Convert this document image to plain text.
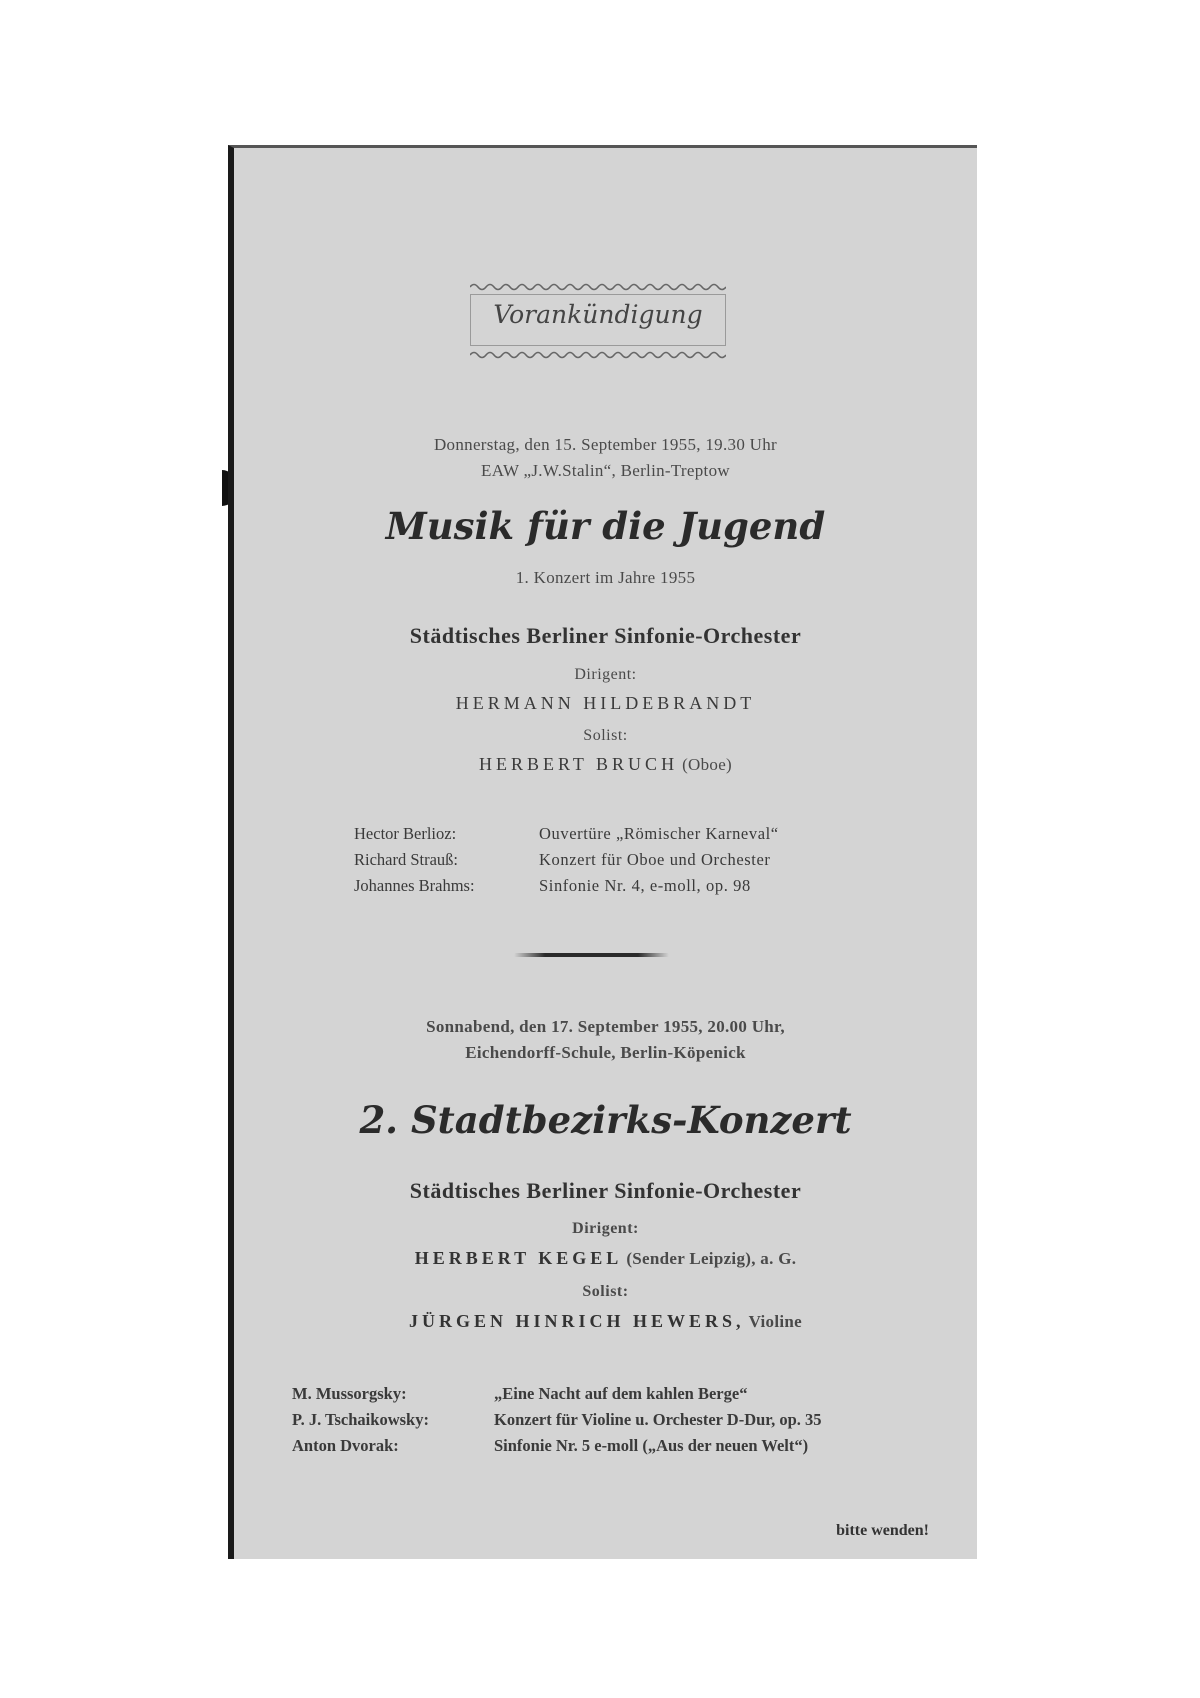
Vorankündigung
Donnerstag, den 15. September 1955, 19.30 Uhr
EAW „J.W.Stalin“, Berlin-Treptow
Musik für die Jugend
1. Konzert im Jahre 1955
Städtisches Berliner Sinfonie-Orchester
Dirigent:
HERMANN HILDEBRANDT
Solist:
HERBERT BRUCH (Oboe)
Hector Berlioz:
Richard Strauß:
Johannes Brahms:
Ouvertüre „Römischer Karneval“
Konzert für Oboe und Orchester
Sinfonie Nr. 4, e-moll, op. 98
Sonnabend, den 17. September 1955, 20.00 Uhr,
Eichendorff-Schule, Berlin-Köpenick
2. Stadtbezirks-Konzert
Städtisches Berliner Sinfonie-Orchester
Dirigent:
HERBERT KEGEL (Sender Leipzig), a. G.
Solist:
JÜRGEN HINRICH HEWERS, Violine
M. Mussorgsky:
P. J. Tschaikowsky:
Anton Dvorak:
„Eine Nacht auf dem kahlen Berge“
Konzert für Violine u. Orchester D-Dur, op. 35
Sinfonie Nr. 5 e-moll („Aus der neuen Welt“)
bitte wenden!
